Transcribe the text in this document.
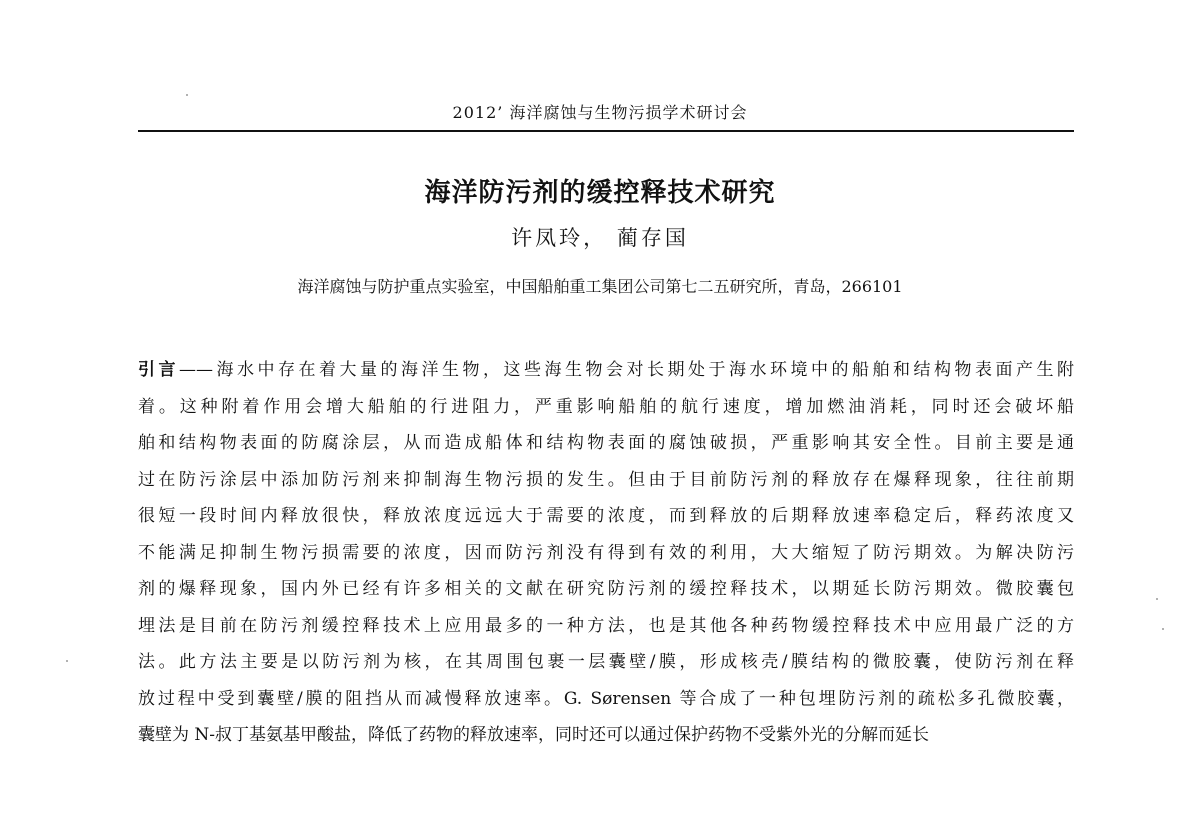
2012’ 海洋腐蚀与生物污损学术研讨会
海洋防污剂的缓控释技术研究
许凤玲， 蔺存国
海洋腐蚀与防护重点实验室，中国船舶重工集团公司第七二五研究所，青岛，266101
引言——海水中存在着大量的海洋生物，这些海生物会对长期处于海水环境中的船舶和结构物表面产生附
着。这种附着作用会增大船舶的行进阻力，严重影响船舶的航行速度，增加燃油消耗，同时还会破坏船
舶和结构物表面的防腐涂层，从而造成船体和结构物表面的腐蚀破损，严重影响其安全性。目前主要是通
过在防污涂层中添加防污剂来抑制海生物污损的发生。但由于目前防污剂的释放存在爆释现象，往往前期
很短一段时间内释放很快，释放浓度远远大于需要的浓度，而到释放的后期释放速率稳定后，释药浓度又
不能满足抑制生物污损需要的浓度，因而防污剂没有得到有效的利用，大大缩短了防污期效。为解决防污
剂的爆释现象，国内外已经有许多相关的文献在研究防污剂的缓控释技术，以期延长防污期效。微胶囊包
埋法是目前在防污剂缓控释技术上应用最多的一种方法，也是其他各种药物缓控释技术中应用最广泛的方
法。此方法主要是以防污剂为核，在其周围包裹一层囊壁/膜，形成核壳/膜结构的微胶囊，使防污剂在释
放过程中受到囊壁/膜的阻挡从而减慢释放速率。G. Sørensen 等合成了一种包埋防污剂的疏松多孔微胶囊，
囊壁为 N-叔丁基氨基甲酸盐，降低了药物的释放速率，同时还可以通过保护药物不受紫外光的分解而延长
